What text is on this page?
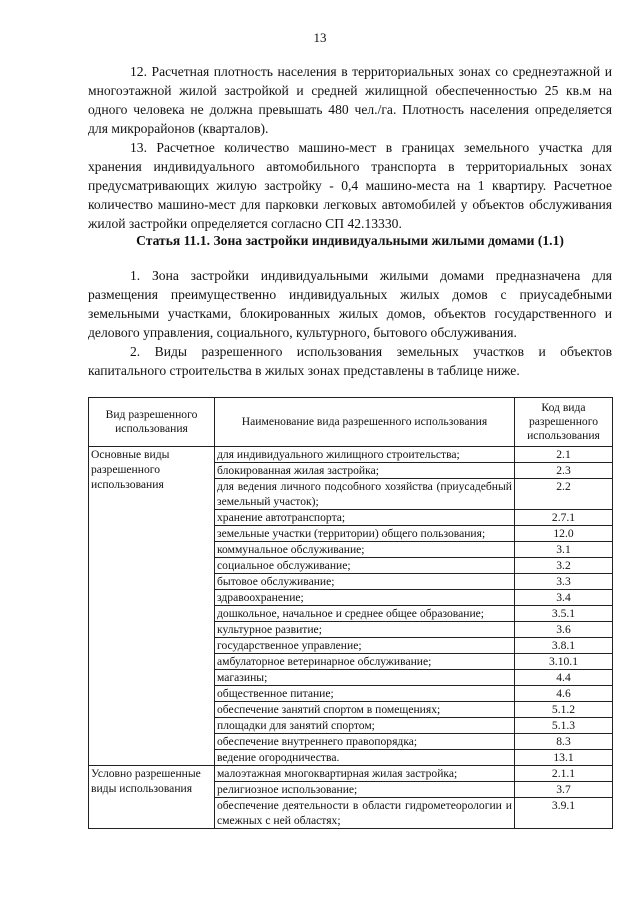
13

12. Расчетная плотность населения в территориальных зонах со среднеэтажной и многоэтажной жилой застройкой и средней жилищной обеспеченностью 25 кв.м на одного человека не должна превышать 480 чел./га. Плотность населения определяется для микрорайонов (кварталов).

13. Расчетное количество машино-мест в границах земельного участка для хранения индивидуального автомобильного транспорта в территориальных зонах предусматривающих жилую застройку - 0,4 машино-места на 1 квартиру. Расчетное количество машино-мест для парковки легковых автомобилей у объектов обслуживания жилой застройки определяется согласно СП 42.13330.

Статья 11.1. Зона застройки индивидуальными жилыми домами (1.1)

1. Зона застройки индивидуальными жилыми домами предназначена для размещения преимущественно индивидуальных жилых домов с приусадебными земельными участками, блокированных жилых домов, объектов государственного и делового управления, социального, культурного, бытового обслуживания.

2. Виды разрешенного использования земельных участков и объектов капитального строительства в жилых зонах представлены в таблице ниже.

Вид разрешенного использования	Наименование вида разрешенного использования	Код вида разрешенного использования
Основные виды разрешенного использования	для индивидуального жилищного строительства;	2.1
	блокированная жилая застройка;	2.3
	для ведения личного подсобного хозяйства (приусадебный земельный участок);	2.2
	хранение автотранспорта;	2.7.1
	земельные участки (территории) общего пользования;	12.0
	коммунальное обслуживание;	3.1
	социальное обслуживание;	3.2
	бытовое обслуживание;	3.3
	здравоохранение;	3.4
	дошкольное, начальное и среднее общее образование;	3.5.1
	культурное развитие;	3.6
	государственное управление;	3.8.1
	амбулаторное ветеринарное обслуживание;	3.10.1
	магазины;	4.4
	общественное питание;	4.6
	обеспечение занятий спортом в помещениях;	5.1.2
	площадки для занятий спортом;	5.1.3
	обеспечение внутреннего правопорядка;	8.3
	ведение огородничества.	13.1
Условно разрешенные виды использования	малоэтажная многоквартирная жилая застройка;	2.1.1
	религиозное использование;	3.7
	обеспечение деятельности в области гидрометеорологии и смежных с ней областях;	3.9.1
